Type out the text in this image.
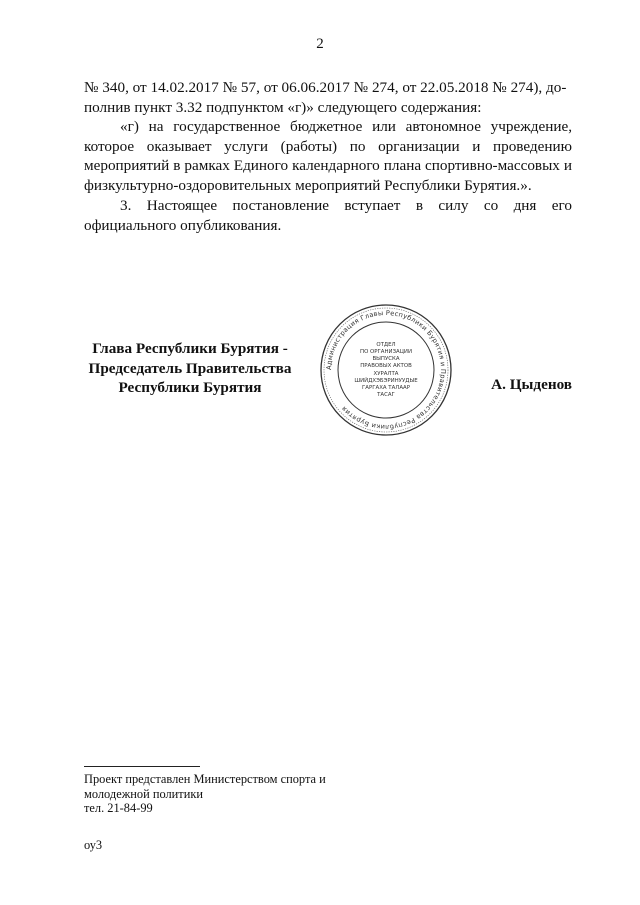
2

№ 340, от 14.02.2017 № 57, от 06.06.2017 № 274, от 22.05.2018 № 274), до-
полнив пункт 3.32 подпунктом «г)» следующего содержания:

«г) на государственное бюджетное или автономное учреждение, которое оказывает услуги (работы) по организации и проведению мероприятий в рамках Единого календарного плана спортивно-массовых и физкультурно-оздоровительных мероприятий Республики Бурятия.».

3. Настоящее постановление вступает в силу со дня его официального опубликования.

Глава Республики Бурятия -
Председатель Правительства
Республики Бурятия
Администрация Главы Республики Бурятия и Правительства Республики Бурятия
ОТДЕЛ
ПО ОРГАНИЗАЦИИ
ВЫПУСКА
ПРАВОВЫХ АКТОВ
ХУРАЛТА
ШИЙДХЭБЭРИНУУДЫЕ
ГАРГАХА ТАЛААР
ТАСАГ
А. Цыденов
Проект представлен Министерством спорта и
молодежной политики
тел. 21-84-99
оу3
